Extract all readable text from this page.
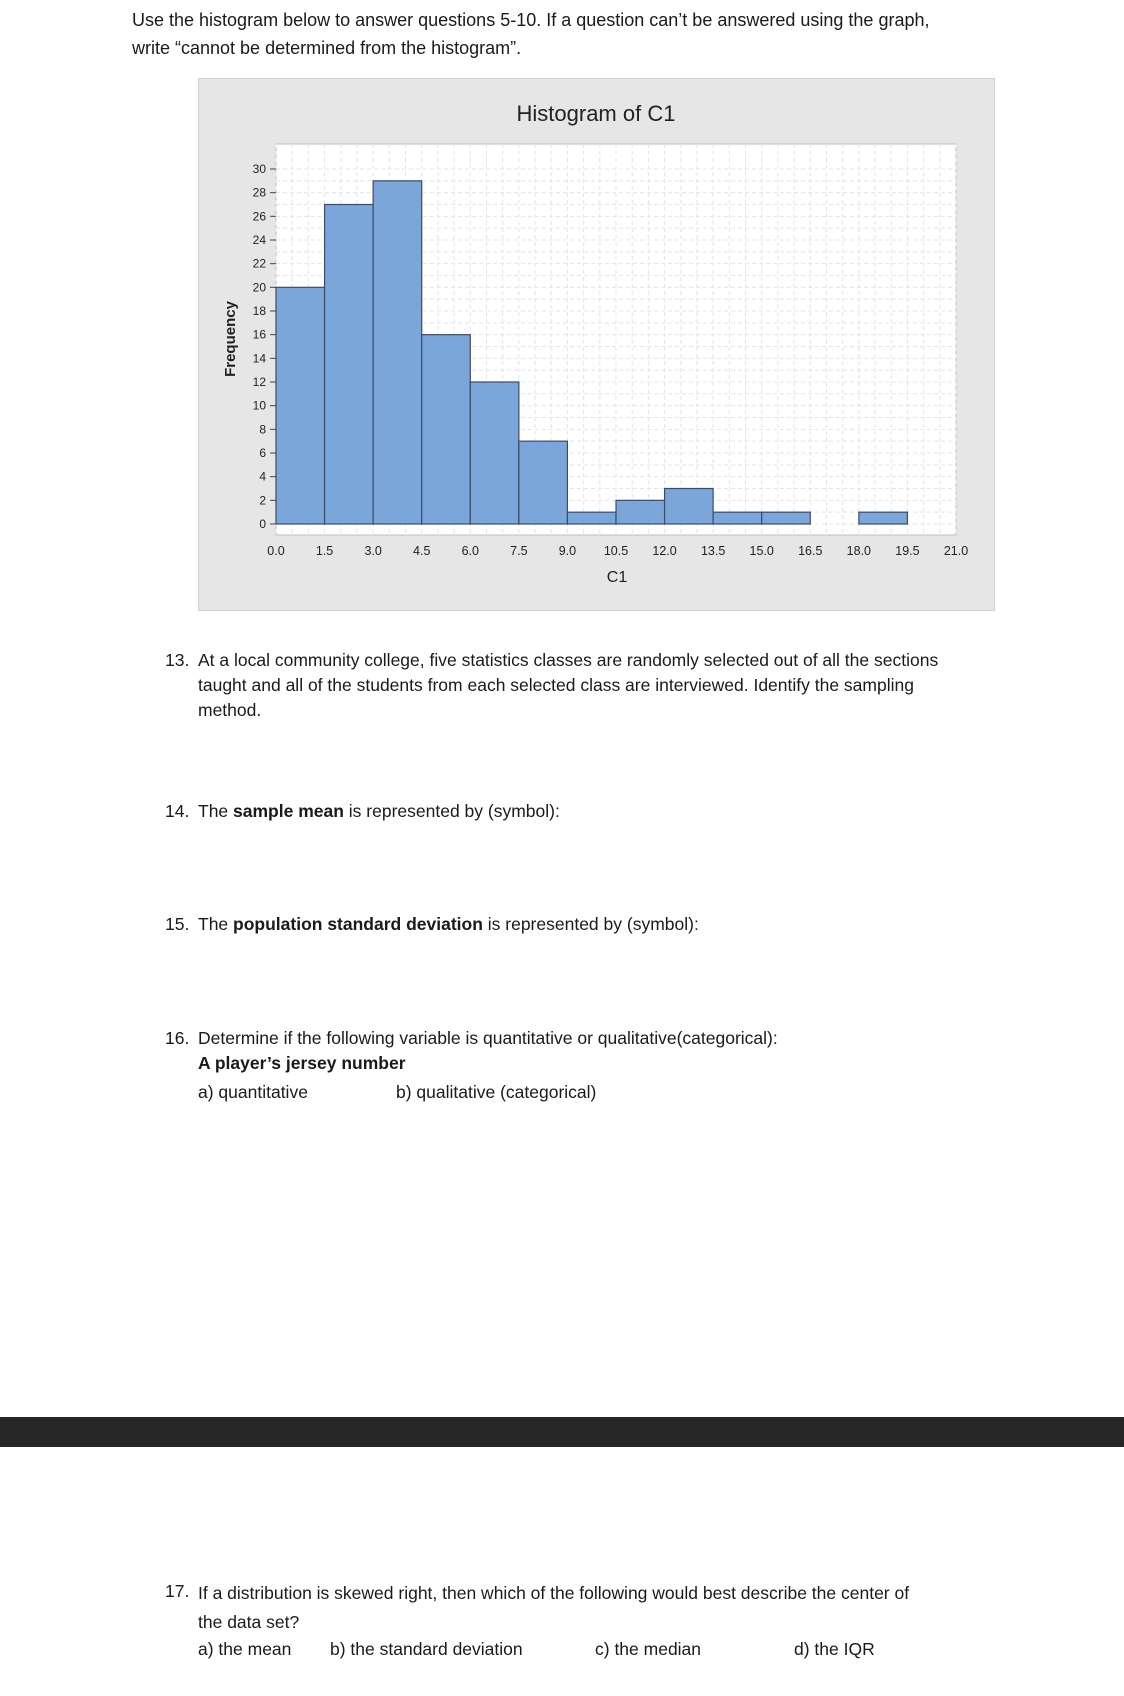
Use the histogram below to answer questions 5-10. If a question can’t be answered using the graph,
write “cannot be determined from the histogram”.
Histogram of C1
0
2
4
6
8
10
12
14
16
18
20
22
24
26
28
30
0.0 1.5 3.0 4.5 6.0 7.5 9.0 10.5 12.0 13.5 15.0 16.5 18.0 19.5 21.0
C1
Frequency
13. At a local community college, five statistics classes are randomly selected out of all the sections
taught and all of the students from each selected class are interviewed. Identify the sampling
method.
14. The sample mean is represented by (symbol):
15. The population standard deviation is represented by (symbol):
16. Determine if the following variable is quantitative or qualitative(categorical):
A player’s jersey number
a) quantitative	b) qualitative (categorical)
17. If a distribution is skewed right, then which of the following would best describe the center of
the data set?
a) the mean b) the standard deviation	c) the median	d) the IQR
